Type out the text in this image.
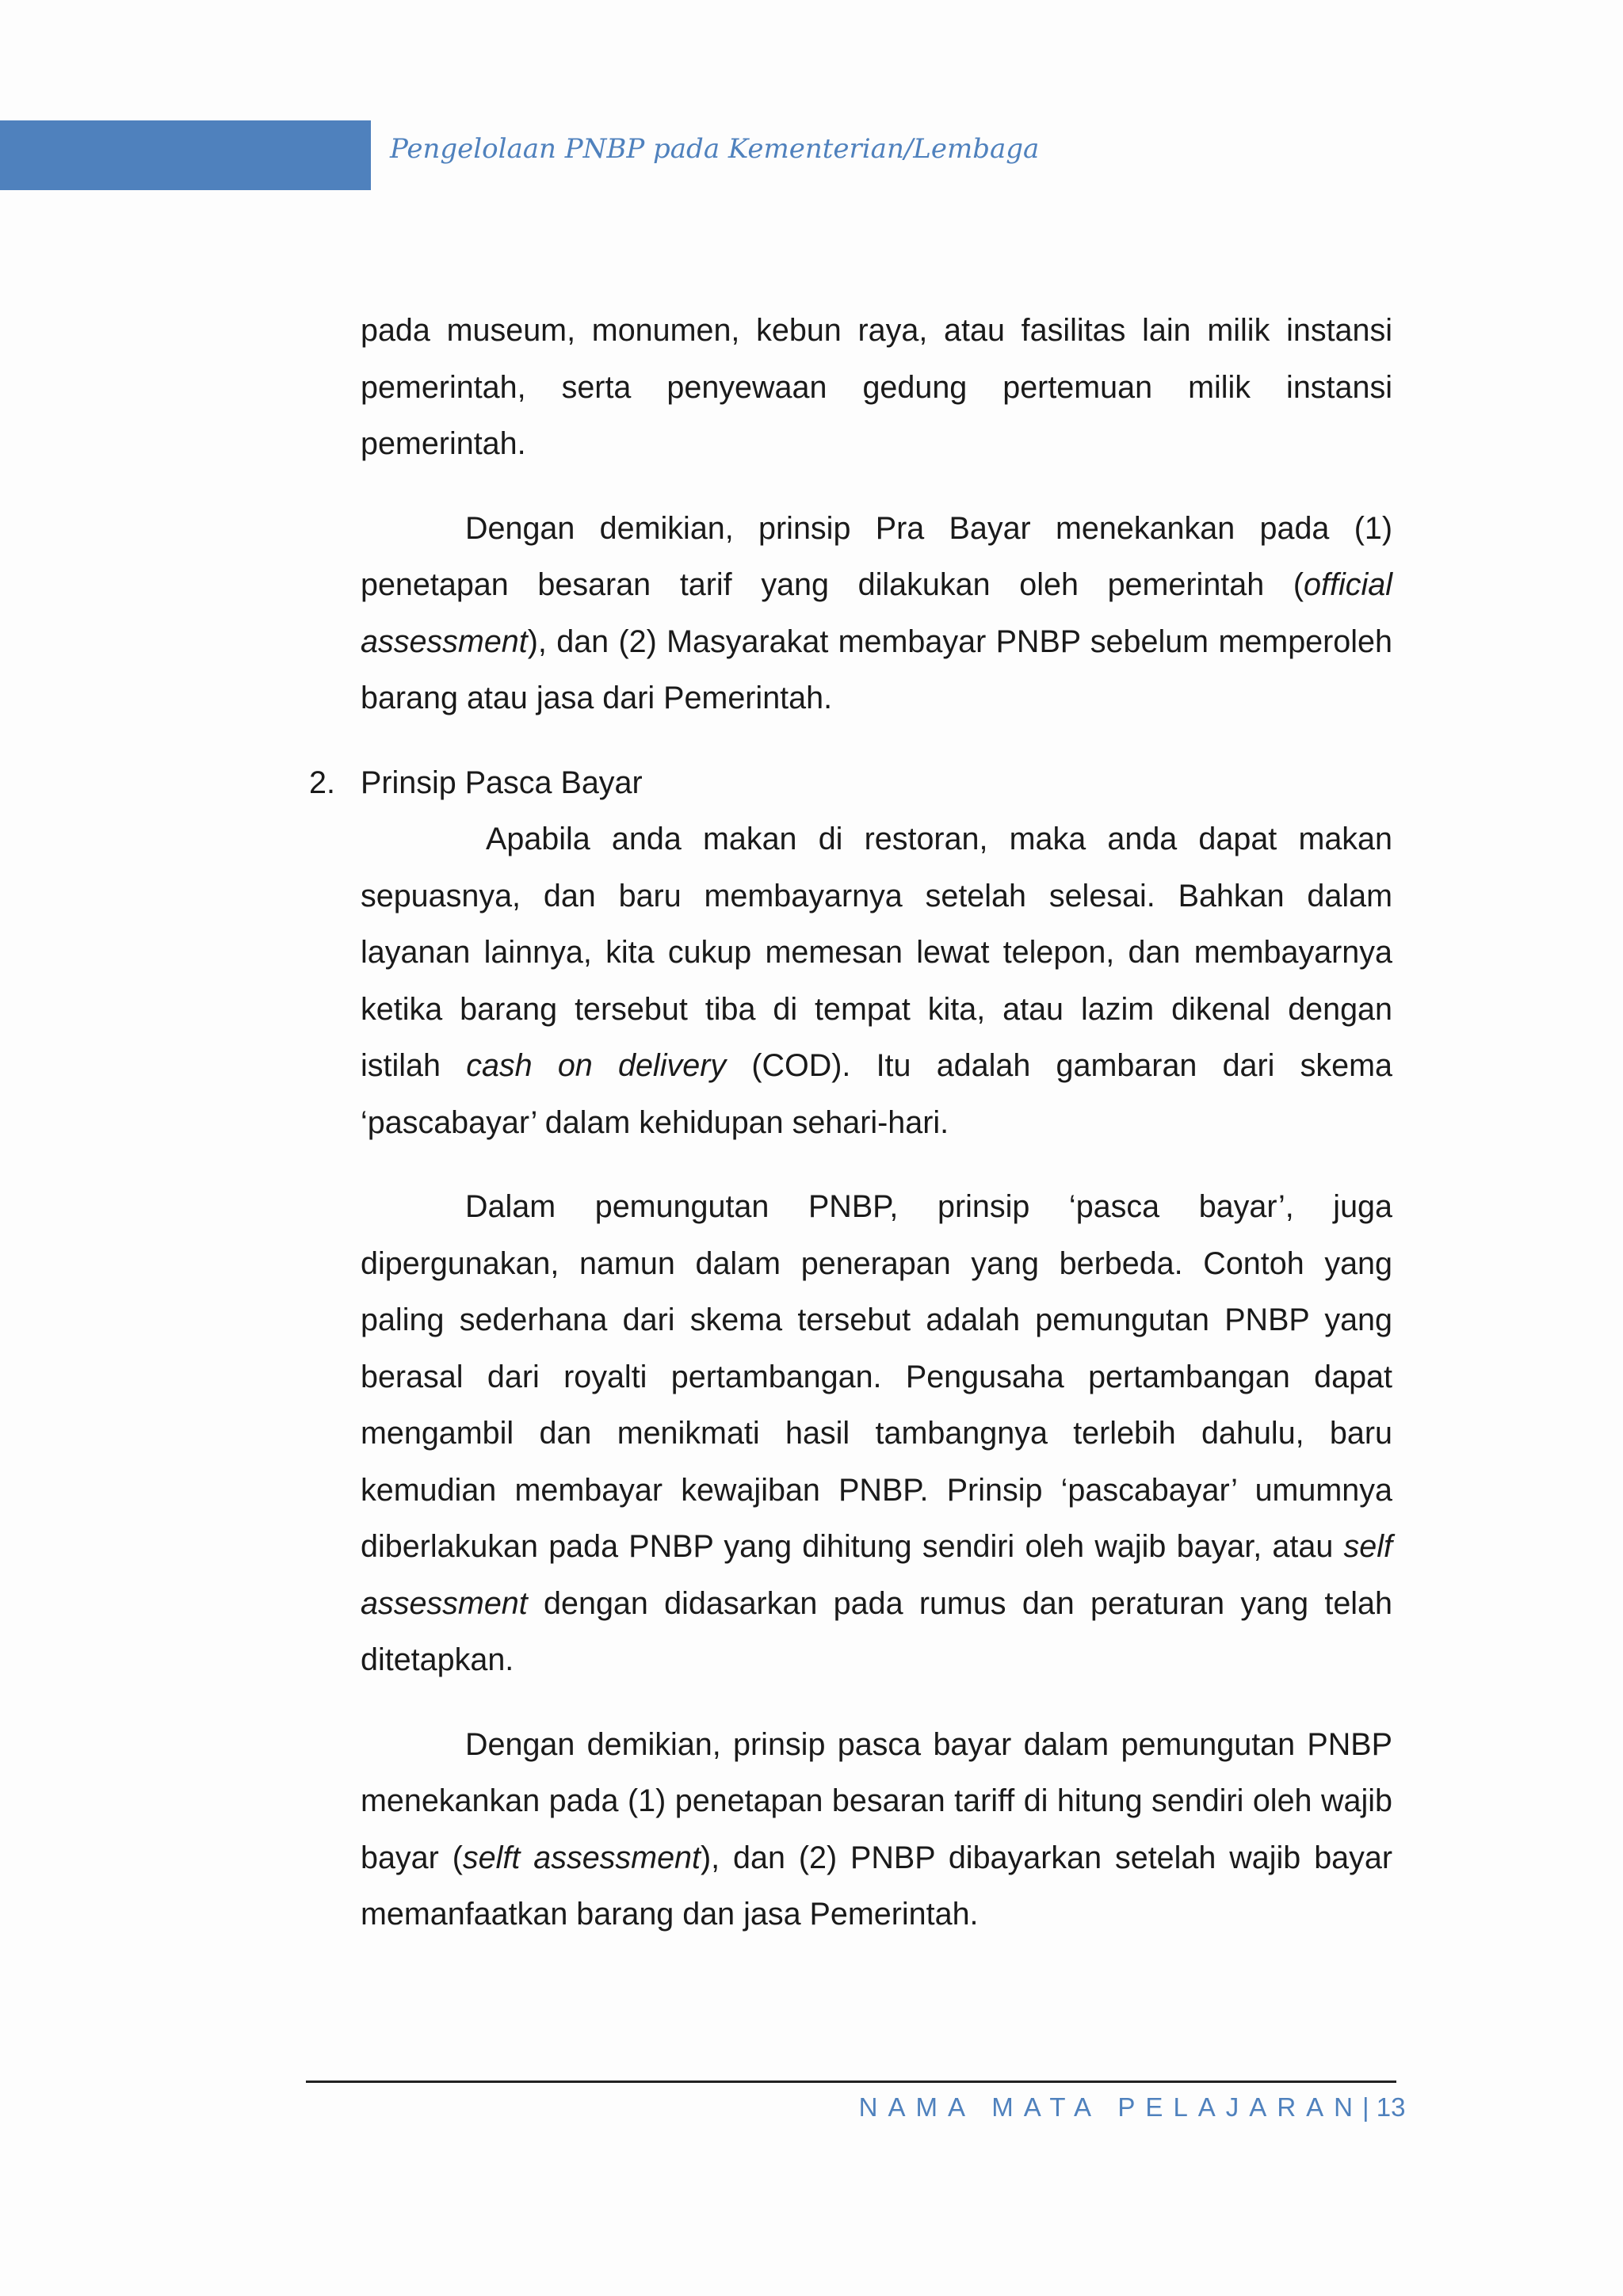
Pengelolaan PNBP pada Kementerian/Lembaga

pada museum, monumen, kebun raya, atau fasilitas lain milik instansi pemerintah, serta penyewaan gedung pertemuan milik instansi pemerintah.

Dengan demikian, prinsip Pra Bayar menekankan pada (1) penetapan besaran tarif yang dilakukan oleh pemerintah (official assessment), dan (2) Masyarakat membayar PNBP sebelum memperoleh barang atau jasa dari Pemerintah.

2. Prinsip Pasca Bayar

Apabila anda makan di restoran, maka anda dapat makan sepuasnya, dan baru membayarnya setelah selesai. Bahkan dalam layanan lainnya, kita cukup memesan lewat telepon, dan membayarnya ketika barang tersebut tiba di tempat kita, atau lazim dikenal dengan istilah cash on delivery (COD). Itu adalah gambaran dari skema ‘pascabayar’ dalam kehidupan sehari-hari.

Dalam pemungutan PNBP, prinsip ‘pasca bayar’, juga dipergunakan, namun dalam penerapan yang berbeda. Contoh yang paling sederhana dari skema tersebut adalah pemungutan PNBP yang berasal dari royalti pertambangan. Pengusaha pertambangan dapat mengambil dan menikmati hasil tambangnya terlebih dahulu, baru kemudian membayar kewajiban PNBP. Prinsip ‘pascabayar’ umumnya diberlakukan pada PNBP yang dihitung sendiri oleh wajib bayar, atau self assessment dengan didasarkan pada rumus dan peraturan yang telah ditetapkan.

Dengan demikian, prinsip pasca bayar dalam pemungutan PNBP menekankan pada (1) penetapan besaran tariff di hitung sendiri oleh wajib bayar (selft assessment), dan (2) PNBP dibayarkan setelah wajib bayar memanfaatkan barang dan jasa Pemerintah.

NAMA MATA PELAJARAN | 13
